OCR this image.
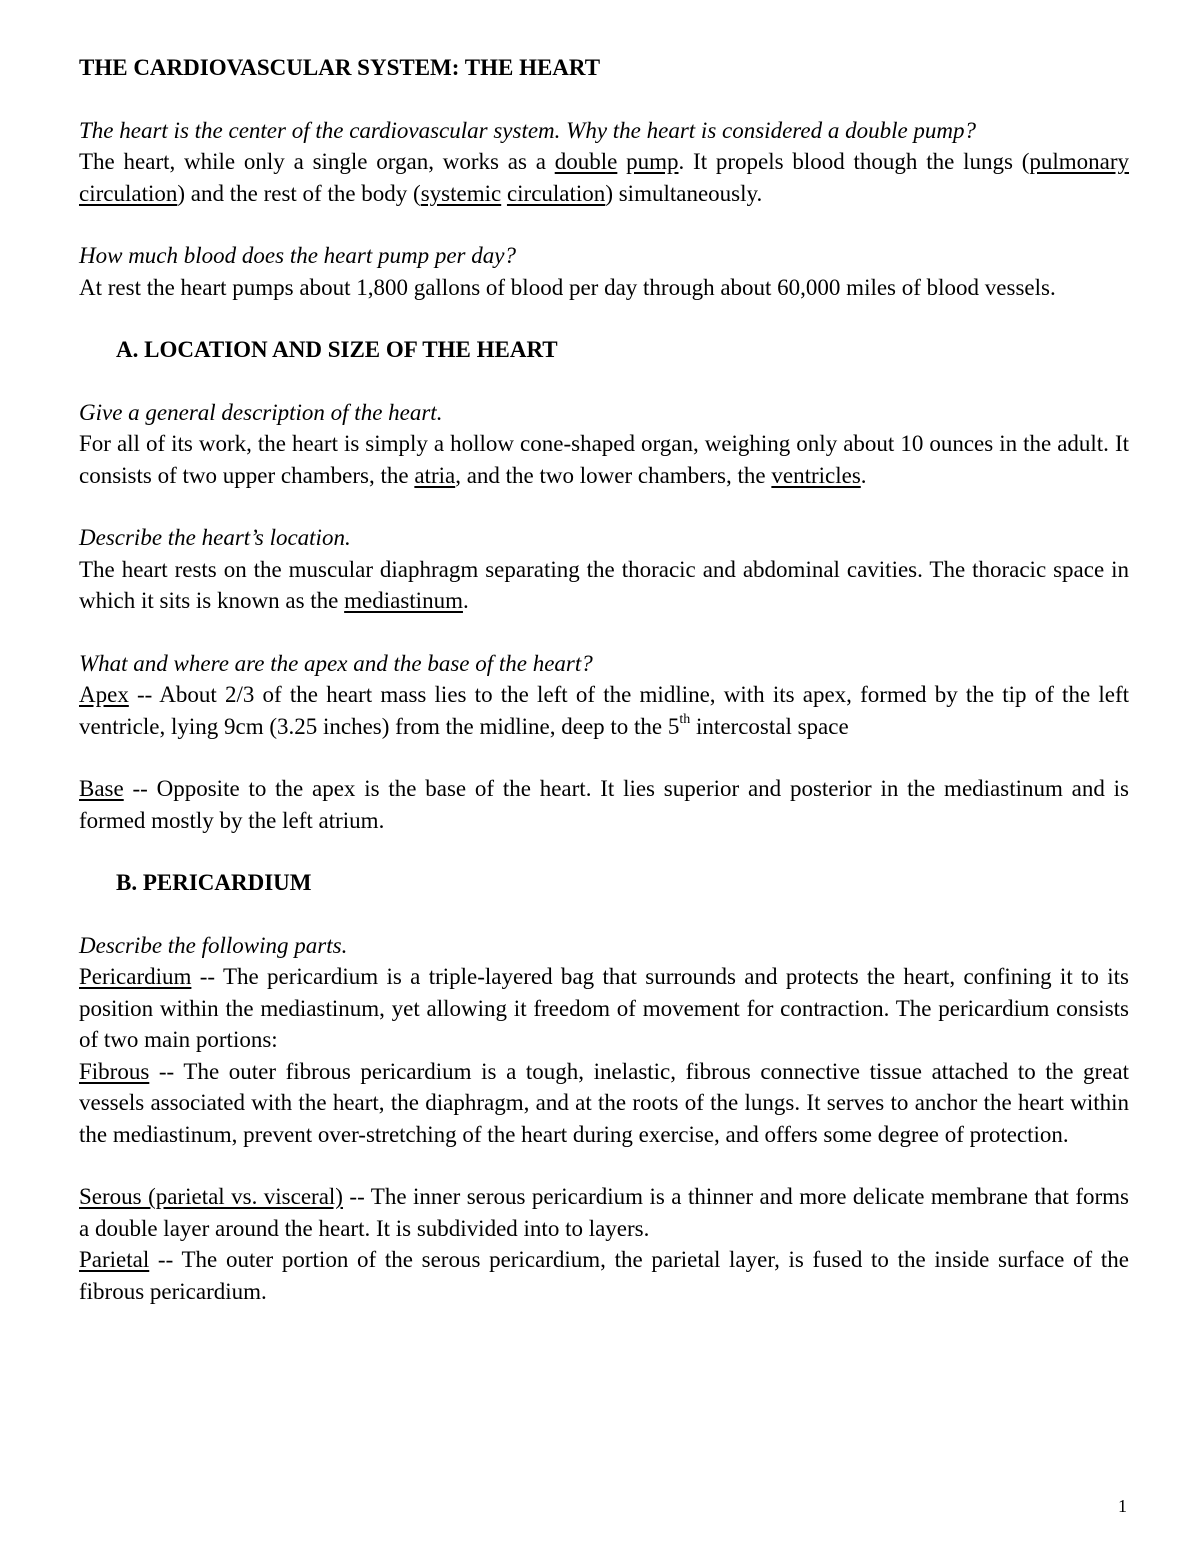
THE CARDIOVASCULAR SYSTEM: THE HEART

The heart is the center of the cardiovascular system. Why the heart is considered a double pump?

The heart, while only a single organ, works as a double pump. It propels blood though the lungs (pulmonary circulation) and the rest of the body (systemic circulation) simultaneously.

How much blood does the heart pump per day?

At rest the heart pumps about 1,800 gallons of blood per day through about 60,000 miles of blood vessels.

A. LOCATION AND SIZE OF THE HEART

Give a general description of the heart.

For all of its work, the heart is simply a hollow cone-shaped organ, weighing only about 10 ounces in the adult. It consists of two upper chambers, the atria, and the two lower chambers, the ventricles.

Describe the heart’s location.

The heart rests on the muscular diaphragm separating the thoracic and abdominal cavities. The thoracic space in which it sits is known as the mediastinum.

What and where are the apex and the base of the heart?

Apex -- About 2/3 of the heart mass lies to the left of the midline, with its apex, formed by the tip of the left ventricle, lying 9cm (3.25 inches) from the midline, deep to the 5th intercostal space

Base -- Opposite to the apex is the base of the heart. It lies superior and posterior in the mediastinum and is formed mostly by the left atrium.

B. PERICARDIUM

Describe the following parts.

Pericardium -- The pericardium is a triple-layered bag that surrounds and protects the heart, confining it to its position within the mediastinum, yet allowing it freedom of movement for contraction. The pericardium consists of two main portions:

Fibrous -- The outer fibrous pericardium is a tough, inelastic, fibrous connective tissue attached to the great vessels associated with the heart, the diaphragm, and at the roots of the lungs. It serves to anchor the heart within the mediastinum, prevent over-stretching of the heart during exercise, and offers some degree of protection.

Serous (parietal vs. visceral) -- The inner serous pericardium is a thinner and more delicate membrane that forms a double layer around the heart. It is subdivided into to layers.

Parietal -- The outer portion of the serous pericardium, the parietal layer, is fused to the inside surface of the fibrous pericardium.

1
